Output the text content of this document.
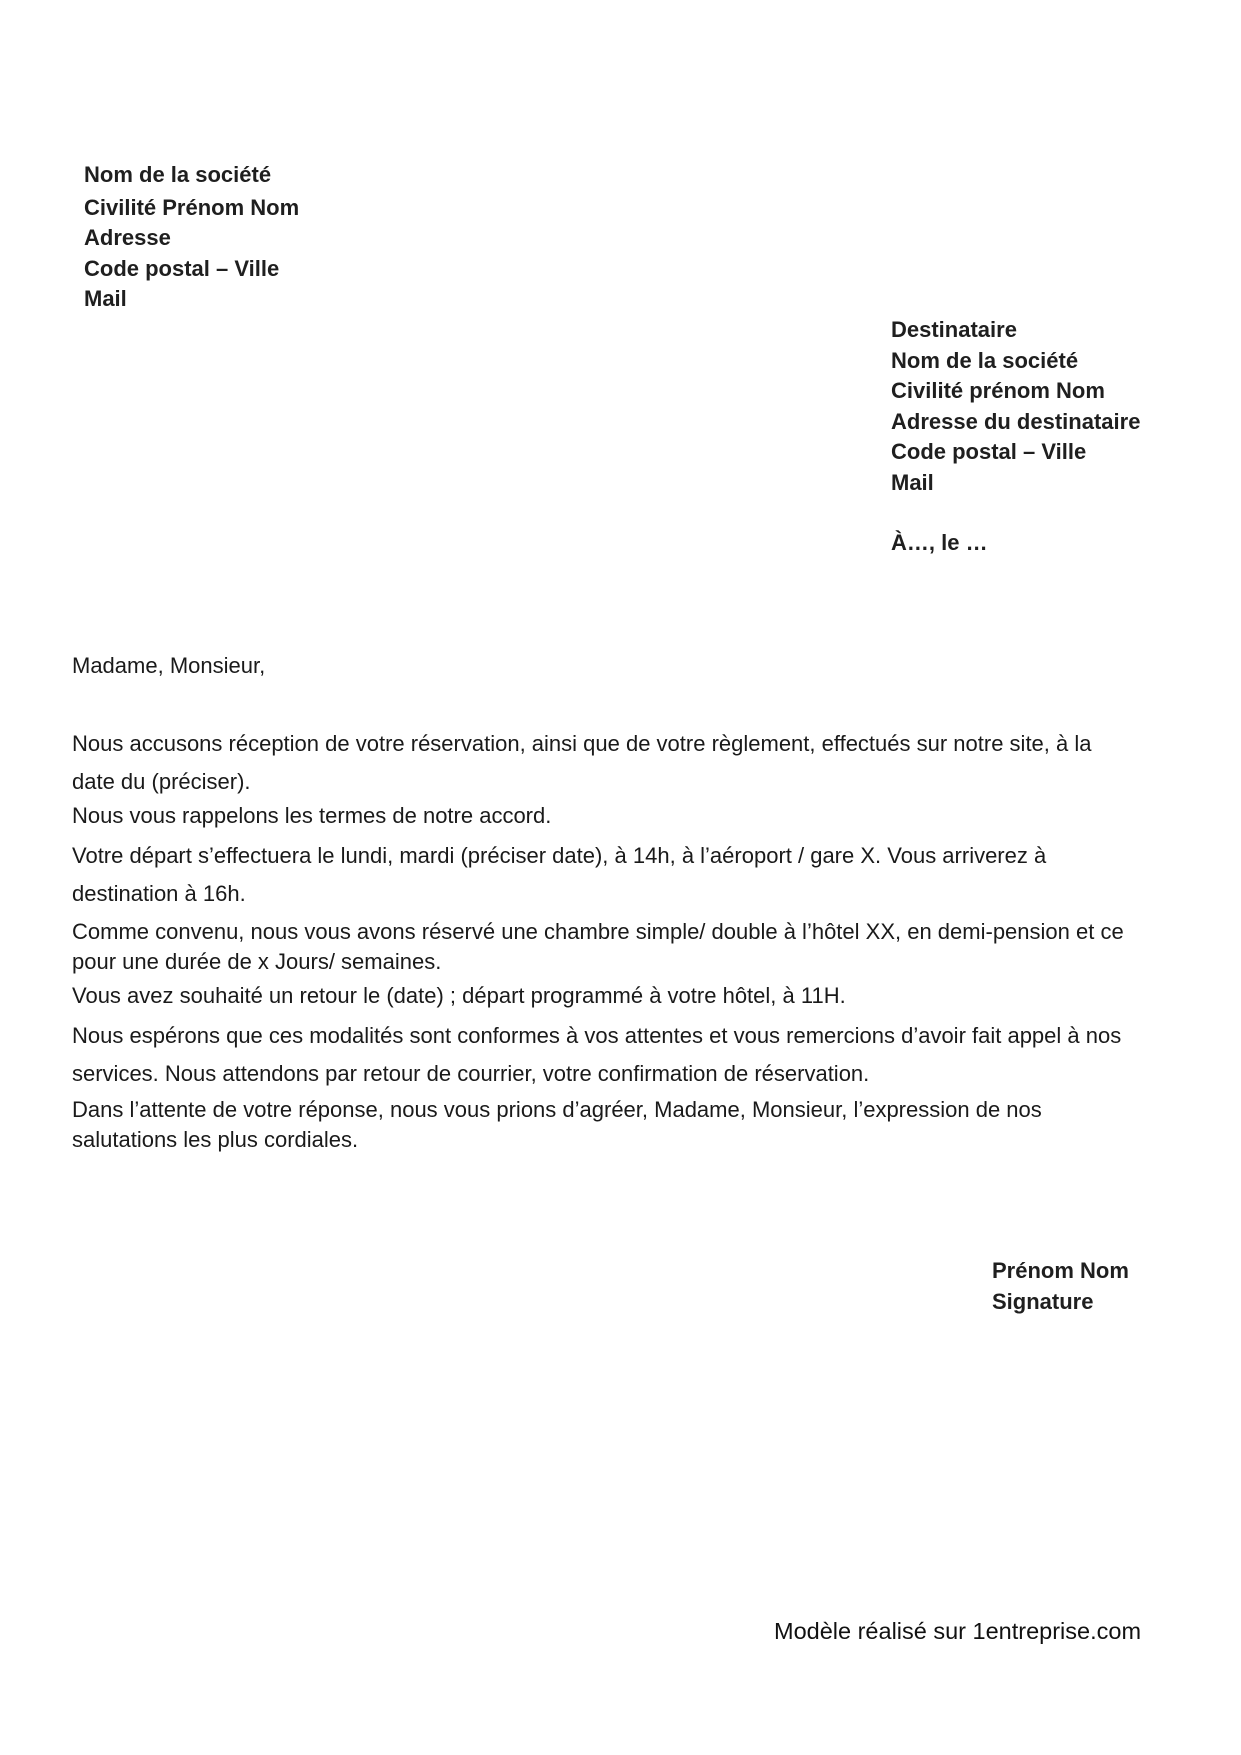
Nom de la société
Civilité Prénom Nom
Adresse
Code postal – Ville
Mail
Destinataire
Nom de la société
Civilité prénom Nom
Adresse du destinataire
Code postal – Ville
Mail
À…, le …
Madame, Monsieur,

Nous accusons réception de votre réservation, ainsi que de votre règlement, effectués sur notre site, à la
date du (préciser).

Nous vous rappelons les termes de notre accord.

Votre départ s’effectuera le lundi, mardi (préciser date), à 14h, à l’aéroport / gare X. Vous arriverez à
destination à 16h.

Comme convenu, nous vous avons réservé une chambre simple/ double à l’hôtel XX, en demi-pension et ce
pour une durée de x Jours/ semaines.

Vous avez souhaité un retour le (date) ; départ programmé à votre hôtel, à 11H.

Nous espérons que ces modalités sont conformes à vos attentes et vous remercions d’avoir fait appel à nos
services. Nous attendons par retour de courrier, votre confirmation de réservation.

Dans l’attente de votre réponse, nous vous prions d’agréer, Madame, Monsieur, l’expression de nos
salutations les plus cordiales.

Prénom Nom
Signature
Modèle réalisé sur 1entreprise.com
